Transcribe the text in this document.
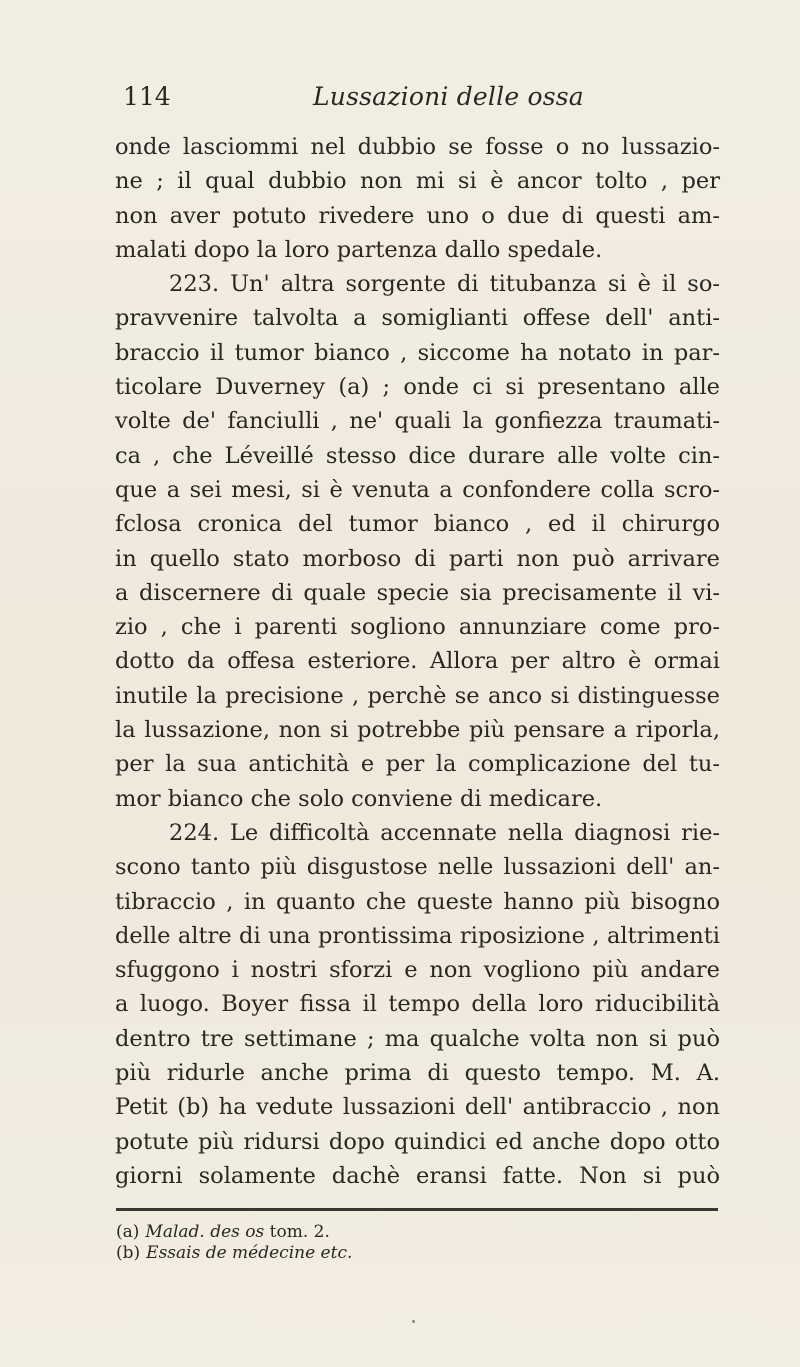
114	Lussazioni delle ossa
onde lasciommi nel dubbio se fosse o no lussazio-
ne ; il qual dubbio non mi si è ancor tolto , per
non aver potuto rivedere uno o due di questi am-
malati dopo la loro partenza dallo spedale.
223. Un' altra sorgente di titubanza si è il so-
pravvenire talvolta a somiglianti offese dell' anti-
braccio il tumor bianco , siccome ha notato in par-
ticolare Duverney (a) ; onde ci si presentano alle
volte de' fanciulli , ne' quali la gonfiezza traumati-
ca , che Léveillé stesso dice durare alle volte cin-
que a sei mesi, si è venuta a confondere colla scro-
fclosa cronica del tumor bianco , ed il chirurgo
in quello stato morboso di parti non può arrivare
a discernere di quale specie sia precisamente il vi-
zio , che i parenti sogliono annunziare come pro-
dotto da offesa esteriore. Allora per altro è ormai
inutile la precisione , perchè se anco si distinguesse
la lussazione, non si potrebbe più pensare a riporla,
per la sua antichità e per la complicazione del tu-
mor bianco che solo conviene di medicare.
224. Le difficoltà accennate nella diagnosi rie-
scono tanto più disgustose nelle lussazioni dell' an-
tibraccio , in quanto che queste hanno più bisogno
delle altre di una prontissima riposizione , altrimenti
sfuggono i nostri sforzi e non vogliono più andare
a luogo. Boyer fissa il tempo della loro riducibilità
dentro tre settimane ; ma qualche volta non si può
più ridurle anche prima di questo tempo. M. A.
Petit (b) ha vedute lussazioni dell' antibraccio , non
potute più ridursi dopo quindici ed anche dopo otto
giorni solamente dachè eransi fatte. Non si può
(a) Malad. des os tom. 2.
(b) Essais de médecine etc.
